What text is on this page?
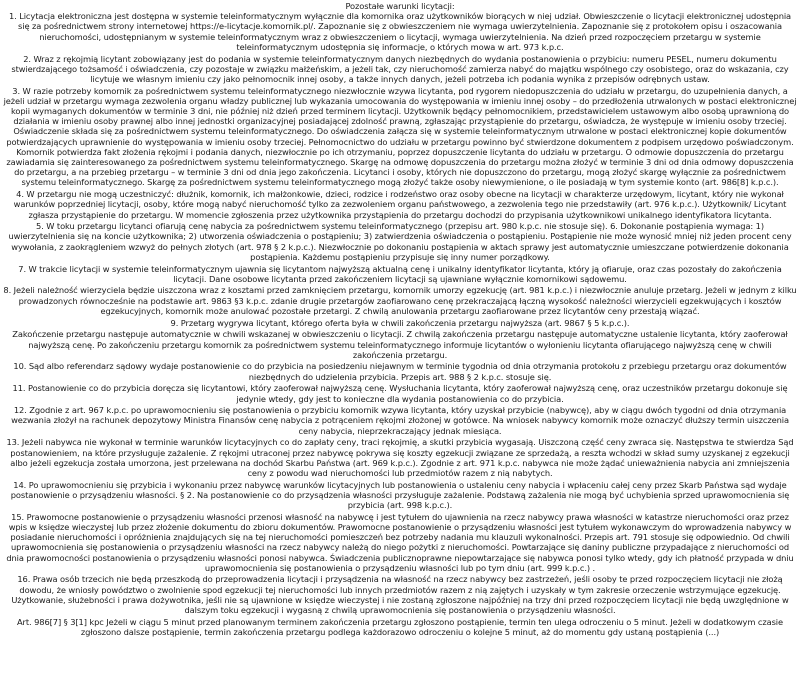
Pozostałe warunki licytacji:
1. Licytacja elektroniczna jest dostępna w systemie teleinformatycznym wyłącznie dla komornika oraz użytkowników biorących w niej udział. Obwieszczenie o licytacji elektronicznej udostępnia się za pośrednictwem strony internetowej https://e-licytacje.komornik.pl/. Zapoznanie się z obwieszczeniem nie wymaga uwierzytelnienia. Zapoznanie się z protokołem opisu i oszacowania nieruchomości, udostępnianym w systemie teleinformatycznym wraz z obwieszczeniem o licytacji, wymaga uwierzytelnienia. Na dzień przed rozpoczęciem przetargu w systemie teleinformatycznym udostępnia się informacje, o których mowa w art. 973 k.p.c.
2. Wraz z rękojmią licytant zobowiązany jest do podania w systemie teleinformatycznym danych niezbędnych do wydania postanowienia o przybiciu: numeru PESEL, numeru dokumentu stwierdzającego tożsamość i oświadczenia, czy pozostaje w związku małżeńskim, a jeżeli tak, czy nieruchomość zamierza nabyć do majątku wspólnego czy osobistego, oraz do wskazania, czy licytuje we własnym imieniu czy jako pełnomocnik innej osoby, a także innych danych, jeżeli potrzeba ich podania wynika z przepisów odrębnych ustaw.
3. W razie potrzeby komornik za pośrednictwem systemu teleinformatycznego niezwłocznie wzywa licytanta, pod rygorem niedopuszczenia do udziału w przetargu, do uzupełnienia danych, a jeżeli udział w przetargu wymaga zezwolenia organu władzy publicznej lub wykazania umocowania do występowania w imieniu innej osoby – do przedłożenia utrwalonych w postaci elektronicznej kopii wymaganych dokumentów w terminie 3 dni, nie później niż dzień przed terminem licytacji. Użytkownik będący pełnomocnikiem, przedstawicielem ustawowym albo osobą uprawnioną do działania w imieniu osoby prawnej albo innej jednostki organizacyjnej posiadającej zdolność prawną, zgłaszając przystąpienie do przetargu, oświadcza, że występuje w imieniu osoby trzeciej. Oświadczenie składa się za pośrednictwem systemu teleinformatycznego. Do oświadczenia załącza się w systemie teleinformatycznym utrwalone w postaci elektronicznej kopie dokumentów potwierdzających uprawnienie do występowania w imieniu osoby trzeciej. Pełnomocnictwo do udziału w przetargu powinno być stwierdzone dokumentem z podpisem urzędowo poświadczonym. Komornik potwierdza fakt złożenia rękojmi i podania danych, niezwłocznie po ich otrzymaniu, poprzez dopuszczenie licytanta do udziału w przetargu. O odmowie dopuszczenia do przetargu zawiadamia się zainteresowanego za pośrednictwem systemu teleinformatycznego. Skargę na odmowę dopuszczenia do przetargu można złożyć w terminie 3 dni od dnia odmowy dopuszczenia do przetargu, a na przebieg przetargu – w terminie 3 dni od dnia jego zakończenia. Licytanci i osoby, których nie dopuszczono do przetargu, mogą złożyć skargę wyłącznie za pośrednictwem systemu teleinformatycznego. Skargę za pośrednictwem systemu teleinformatycznego mogą złożyć także osoby niewymienione, o ile posiadają w tym systemie konto (art. 986[8] k.p.c.).
4. W przetargu nie mogą uczestniczyć: dłużnik, komornik, ich małżonkowie, dzieci, rodzice i rodzeństwo oraz osoby obecne na licytacji w charakterze urzędowym, licytant, który nie wykonał warunków poprzedniej licytacji, osoby, które mogą nabyć nieruchomość tylko za zezwoleniem organu państwowego, a zezwolenia tego nie przedstawiły (art. 976 k.p.c.). Użytkownik/ Licytant zgłasza przystąpienie do przetargu. W momencie zgłoszenia przez użytkownika przystąpienia do przetargu dochodzi do przypisania użytkownikowi unikalnego identyfikatora licytanta.
5. W toku przetargu licytanci ofiarują cenę nabycia za pośrednictwem systemu teleinformatycznego (przepisu art. 980 k.p.c. nie stosuje się). 6. Dokonanie postąpienia wymaga: 1) uwierzytelnienia się na koncie użytkownika; 2) utworzenia oświadczenia o postąpieniu; 3) zatwierdzenia oświadczenia o postąpieniu. Postąpienie nie może wynosić mniej niż jeden procent ceny wywołania, z zaokrągleniem wzwyż do pełnych złotych (art. 978 § 2 k.p.c.). Niezwłocznie po dokonaniu postąpienia w aktach sprawy jest automatycznie umieszczane potwierdzenie dokonania postąpienia. Każdemu postąpieniu przypisuje się inny numer porządkowy.
7. W trakcie licytacji w systemie teleinformatycznym ujawnia się licytantom najwyższą aktualną cenę i unikalny identyfikator licytanta, który ją ofiaruje, oraz czas pozostały do zakończenia licytacji. Dane osobowe licytanta przed zakończeniem licytacji są ujawniane wyłącznie komornikowi sądowemu.
8. Jeżeli należność wierzyciela będzie uiszczona wraz z kosztami przed zamknięciem przetargu, komornik umorzy egzekucję (art. 981 k.p.c.) i niezwłocznie anuluje przetarg. Jeżeli w jednym z kilku prowadzonych równocześnie na podstawie art. 9863 §3 k.p.c. zdanie drugie przetargów zaofiarowano cenę przekraczającą łączną wysokość należności wierzycieli egzekwujących i kosztów egzekucyjnych, komornik może anulować pozostałe przetargi. Z chwilą anulowania przetargu zaofiarowane przez licytantów ceny przestają wiązać.
9. Przetarg wygrywa licytant, którego oferta była w chwili zakończenia przetargu najwyższa (art. 9867 § 5 k.p.c.).
Zakończenie przetargu następuje automatycznie w chwili wskazanej w obwieszczeniu o licytacji. Z chwilą zakończenia przetargu następuje automatyczne ustalenie licytanta, który zaoferował najwyższą cenę. Po zakończeniu przetargu komornik za pośrednictwem systemu teleinformatycznego informuje licytantów o wyłonieniu licytanta ofiarującego najwyższą cenę w chwili zakończenia przetargu.
10. Sąd albo referendarz sądowy wydaje postanowienie co do przybicia na posiedzeniu niejawnym w terminie tygodnia od dnia otrzymania protokołu z przebiegu przetargu oraz dokumentów niezbędnych do udzielenia przybicia. Przepis art. 988 § 2 k.p.c. stosuje się.
11. Postanowienie co do przybicia doręcza się licytantowi, który zaoferował najwyższą cenę. Wysłuchania licytanta, który zaoferował najwyższą cenę, oraz uczestników przetargu dokonuje się jedynie wtedy, gdy jest to konieczne dla wydania postanowienia co do przybicia.
12. Zgodnie z art. 967 k.p.c. po uprawomocnieniu się postanowienia o przybiciu komornik wzywa licytanta, który uzyskał przybicie (nabywcę), aby w ciągu dwóch tygodni od dnia otrzymania wezwania złożył na rachunek depozytowy Ministra Finansów cenę nabycia z potrąceniem rękojmi złożonej w gotówce. Na wniosek nabywcy komornik może oznaczyć dłuższy termin uiszczenia ceny nabycia, nieprzekraczający jednak miesiąca.
13. Jeżeli nabywca nie wykonał w terminie warunków licytacyjnych co do zapłaty ceny, traci rękojmię, a skutki przybicia wygasają. Uiszczoną część ceny zwraca się. Następstwa te stwierdza Sąd postanowieniem, na które przysługuje zażalenie. Z rękojmi utraconej przez nabywcę pokrywa się koszty egzekucji związane ze sprzedażą, a reszta wchodzi w skład sumy uzyskanej z egzekucji albo jeżeli egzekucja została umorzona, jest przelewana na dochód Skarbu Państwa (art. 969 k.p.c.). Zgodnie z art. 971 k.p.c. nabywca nie może żądać unieważnienia nabycia ani zmniejszenia ceny z powodu wad nieruchomości lub przedmiotów razem z nią nabytych.
14. Po uprawomocnieniu się przybicia i wykonaniu przez nabywcę warunków licytacyjnych lub postanowienia o ustaleniu ceny nabycia i wpłaceniu całej ceny przez Skarb Państwa sąd wydaje postanowienie o przysądzeniu własności. § 2. Na postanowienie co do przysądzenia własności przysługuje zażalenie. Podstawą zażalenia nie mogą być uchybienia sprzed uprawomocnienia się przybicia (art. 998 k.p.c.).
15. Prawomocne postanowienie o przysądzeniu własności przenosi własność na nabywcę i jest tytułem do ujawnienia na rzecz nabywcy prawa własności w katastrze nieruchomości oraz przez wpis w księdze wieczystej lub przez złożenie dokumentu do zbioru dokumentów. Prawomocne postanowienie o przysądzeniu własności jest tytułem wykonawczym do wprowadzenia nabywcy w posiadanie nieruchomości i opróżnienia znajdujących się na tej nieruchomości pomieszczeń bez potrzeby nadania mu klauzuli wykonalności. Przepis art. 791 stosuje się odpowiednio. Od chwili uprawomocnienia się postanowienia o przysądzeniu własności na rzecz nabywcy należą do niego pożytki z nieruchomości. Powtarzające się daniny publiczne przypadające z nieruchomości od dnia prawomocności postanowienia o przysądzeniu własności ponosi nabywca. Świadczenia publicznoprawne niepowtarzające się nabywca ponosi tylko wtedy, gdy ich płatność przypada w dniu uprawomocnienia się postanowienia o przysądzeniu własności lub po tym dniu (art. 999 k.p.c.) .
16. Prawa osób trzecich nie będą przeszkodą do przeprowadzenia licytacji i przysądzenia na własność na rzecz nabywcy bez zastrzeżeń, jeśli osoby te przed rozpoczęciem licytacji nie złożą dowodu, że wniosły powództwo o zwolnienie spod egzekucji tej nieruchomości lub innych przedmiotów razem z nią zajętych i uzyskały w tym zakresie orzeczenie wstrzymujące egzekucję. Użytkowanie, służebności i prawa dożywotnika, jeśli nie są ujawnione w księdze wieczystej i nie zostaną zgłoszone najpóźniej na trzy dni przed rozpoczęciem licytacji nie będą uwzględnione w dalszym toku egzekucji i wygasną z chwilą uprawomocnienia się postanowienia o przysądzeniu własności.
Art. 986[7] § 3[1] kpc Jeżeli w ciągu 5 minut przed planowanym terminem zakończenia przetargu zgłoszono postąpienie, termin ten ulega odroczeniu o 5 minut. Jeżeli w dodatkowym czasie zgłoszono dalsze postąpienie, termin zakończenia przetargu podlega każdorazowo odroczeniu o kolejne 5 minut, aż do momentu gdy ustaną postąpienia (...)
